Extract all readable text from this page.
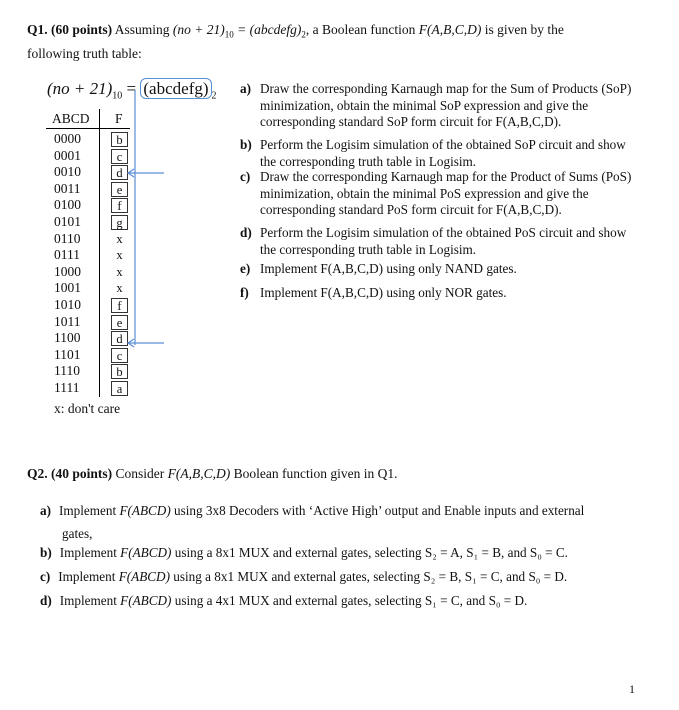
Q1. (60 points) Assuming $(no + 21)_{10}$ = $(abcdefg)_2$, a Boolean function F(A,B,C,D) is given by the
following truth table:
$(no + 21)_{10}$ = (abcdefg) $_2$
ABCD F
0000	b
0001	c
0010	d
0011	e
0100	f
0101	g
0110	x
0111	x
1000	x
1001	x
1010	f
1011	e
1100	d
1101	c
1110	b
1111	a
x: don't care
a) Draw the corresponding Karnaugh map for the Sum of Products (SoP) minimization, obtain the minimal SoP expression and give the corresponding standard SoP form circuit for F(A,B,C,D).
b) Perform the Logisim simulation of the obtained SoP circuit and show the corresponding truth table in Logisim.
c) Draw the corresponding Karnaugh map for the Product of Sums (PoS) minimization, obtain the minimal PoS expression and give the corresponding standard PoS form circuit for F(A,B,C,D).
d) Perform the Logisim simulation of the obtained PoS circuit and show the corresponding truth table in Logisim.
e) Implement F(A,B,C,D) using only NAND gates.
f) Implement F(A,B,C,D) using only NOR gates.
Q2. (40 points) Consider F(A,B,C,D) Boolean function given in Q1.
a) Implement F(ABCD) using 3x8 Decoders with ‘Active High’ output and Enable inputs and external
gates,
b) Implement F(ABCD) using a 8x1 MUX and external gates, selecting S₂ = A, S₁ = B, and S₀ = C.
c) Implement F(ABCD) using a 8x1 MUX and external gates, selecting S₂ = B, S₁ = C, and S₀ = D.
d) Implement F(ABCD) using a 4x1 MUX and external gates, selecting S₁ = C, and S₀ = D.
1
